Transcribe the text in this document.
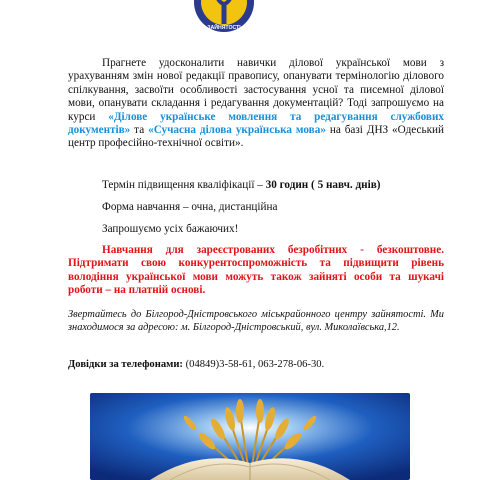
ЗАЙНЯТОСТІ

Прагнете удосконалити навички ділової української мови з урахуванням змін нової редакції правопису, опанувати термінологію ділового спілкування, засвоїти особливості застосування усної та писемної ділової мови, опанувати складання і редагування документацій? Тоді запрошуємо на курси «Ділове українське мовлення та редагування службових документів» та «Сучасна ділова українська мова» на базі ДНЗ «Одеський центр професійно-технічної освіти».

Термін підвищення кваліфікації – 30 годин ( 5 навч. днів)

Форма навчання – очна, дистанційна

Запрошуємо усіх бажаючих!

Навчання для зареєстрованих безробітних - безкоштовне. Підтримати свою конкурентоспроможність та підвищити рівень володіння української мови можуть також зайняті особи та шукачі роботи – на платній основі.

Звертайтесь до Білгород-Дністровського міськрайонного центру зайнятості. Ми знаходимося за адресою: м. Білгород-Дністровський, вул. Миколаївська,12.

Довідки за телефонами: (04849)3-58-61, 063-278-06-30.
